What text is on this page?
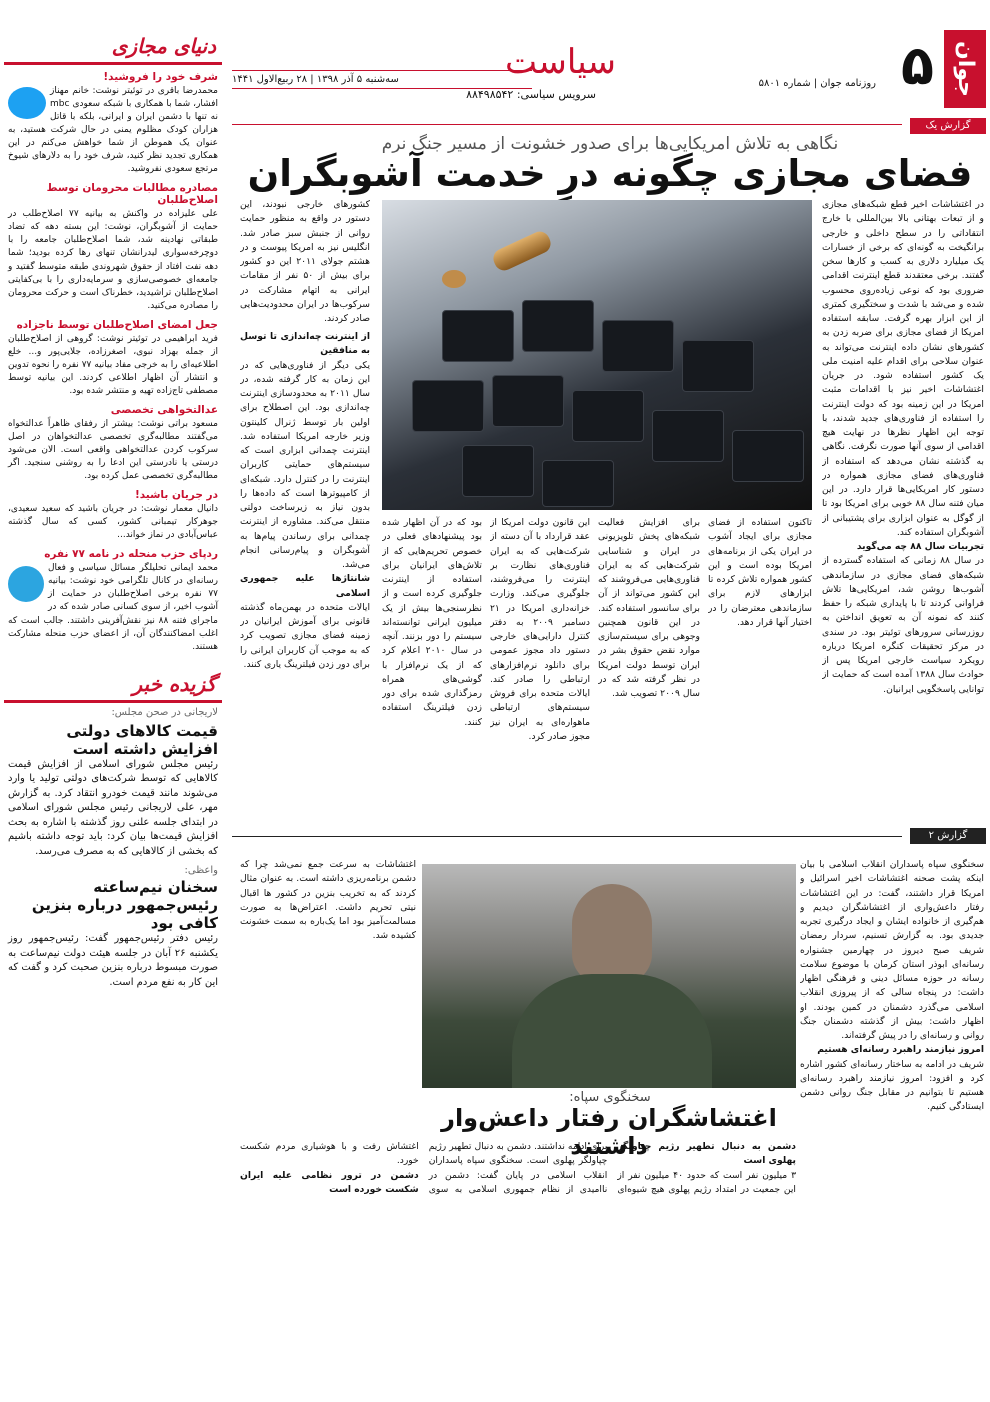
جوان
۵
روزنامه جوان | شماره ۵۸۰۱
سیاست
سرویس سیاسی: ۸۸۴۹۸۵۴۲
سه‌شنبه ۵ آذر ۱۳۹۸ | ۲۸ ربیع‌الاول ۱۴۴۱
دنیای مجازی
شرف خود را فروشید!
محمدرضا باقری در توئیتر نوشت: خانم مهناز افشار، شما با همکاری با شبکه سعودی mbc نه تنها با دشمن ایران و ایرانی، بلکه با قاتل هزاران کودک مظلوم یمنی در حال شرکت هستید، به عنوان یک هموطن از شما خواهش می‌کنم در این همکاری تجدید نظر کنید، شرف خود را به دلارهای شیوخ مرتجع سعودی نفروشید.
مصادره مطالبات محرومان توسط اصلاح‌طلبان
علی علیزاده در واکنش به بیانیه ۷۷ اصلاح‌طلب در حمایت از آشوبگران، نوشت: این بسته دهه که تضاد طبقاتی نهادینه شد، شما اصلاح‌طلبان جامعه را با دوچرخه‌سواری لیدرانشان تنهای رها کرده بودید؛ شما دهه نفت افتاد از حقوق شهروندی طبقه متوسط گفتید و جامعه‌ای خصوصی‌سازی و سرمایه‌داری را با بی‌کفایتی اصلاح‌طلبان تراشیدید، خطرناک است و حرکت محرومان را مصادره می‌کنید.
جعل امضای اصلاح‌طلبان توسط ناجزاده
فرید ابراهیمی در توئیتر نوشت: گروهی از اصلاح‌طلبان از جمله بهزاد نبوی، اصغرزاده، جلایی‌پور و... خلع اطلاعیه‌ای را به خرجی مفاد بیانیه ۷۷ نفره را نحوه تدوین و انتشار آن اظهار اطلاعی کردند. این بیانیه توسط مصطفی تاج‌زاده تهیه و منتشر شده بود.
عدالتخواهی تخصصی
مسعود براتی نوشت: بیشتر از رفقای ظاهراً عدالتخواه می‌گفتند مطالبه‌گری تخصصی عدالتخواهان در اصل سرکوب کردن عدالتخواهی واقعی است. الان می‌شود درستی یا نادرستی این ادعا را به روشنی سنجید. اگر مطالبه‌گری تخصصی عمل کرده بود.
در جریان باشید!
دانیال معمار نوشت: در جریان باشید که سعید سعیدی، جوهرکار تیمبانی کشور، کسی که سال گذشته عباس‌آبادی در نماز خواند...
ردپای حزب منحله در نامه ۷۷ نفره
محمد ایمانی تحلیلگر مسائل سیاسی و فعال رسانه‌ای در کانال تلگرامی خود نوشت: بیانیه ۷۷ نفره برخی اصلاح‌طلبان در حمایت از آشوب اخیر، از سوی کسانی صادر شده که در ماجرای فتنه ۸۸ نیز نقش‌آفرینی داشتند. جالب است که اغلب امضاکنندگان آن، از اعضای حزب منحله مشارکت هستند.
گزیده خبر
لاریجانی در صحن مجلس:
قیمت کالاهای دولتی افزایش داشته است
رئیس مجلس شورای اسلامی از افزایش قیمت کالاهایی که توسط شرکت‌های دولتی تولید یا وارد می‌شوند مانند قیمت خودرو انتقاد کرد. به گزارش مهر، علی لاریجانی رئیس مجلس شورای اسلامی در ابتدای جلسه علنی روز گذشته با اشاره به بحث افزایش قیمت‌ها بیان کرد: باید توجه داشته باشیم که بخشی از کالاهایی که به مصرف می‌رسد.
واعظی:
سخنان نیم‌ساعته رئیس‌جمهور درباره بنزین کافی بود
رئیس دفتر رئیس‌جمهور گفت: رئیس‌جمهور روز یکشنبه ۲۶ آبان در جلسه هیئت دولت نیم‌ساعت به صورت مبسوط درباره بنزین صحبت کرد و گفت که این کار به نفع مردم است.
گزارش یک
نگاهی به تلاش امریکایی‌ها برای صدور خشونت از مسیر جنگ نرم
فضای مجازی چگونه در خدمت آشوبگران
در اغتشاشات اخیر قطع شبکه‌های مجازی و از تبعات بهتانی بالا بین‌المللی با خارج انتقاداتی را در سطح داخلی و خارجی برانگیخت به گونه‌ای که برخی از خسارات یک میلیارد دلاری به کسب و کارها سخن گفتند. برخی معتقدند قطع اینترنت اقدامی ضروری بود که نوعی زیاده‌روی محسوب شده و می‌شد با شدت و سختگیری کمتری از این ابزار بهره گرفت. سابقه استفاده امریکا از فضای مجازی برای ضربه زدن به کشورهای نشان داده اینترنت می‌تواند به عنوان سلاحی برای اقدام علیه امنیت ملی یک کشور استفاده شود. در جریان اغتشاشات اخیر نیز با اقدامات مثبت امریکا در این زمینه بود که دولت اینترنت را استفاده از فناوری‌های جدید شدند، با توجه این اظهار نظرها در نهایت هیچ اقدامی از سوی آنها صورت نگرفت. نگاهی به گذشته نشان می‌دهد که استفاده از فناوری‌های فضای مجازی همواره در دستور کار امریکایی‌ها قرار دارد. در این میان فتنه سال ۸۸ خوبی برای امریکا بود تا از گوگل به عنوان ابزاری برای پشتیبانی از آشوبگران استفاده کند.
تجربیات سال ۸۸ چه می‌گوید
در سال ۸۸ زمانی که استفاده گسترده از شبکه‌های فضای مجازی در سازماندهی آشوب‌ها روشن شد، امریکایی‌ها تلاش فراوانی کردند تا با پایداری شبکه را حفظ کنند که نمونه آن به تعویق انداختن به روزرسانی سرورهای توئیتر بود. در سندی در مرکز تحقیقات کنگره امریکا درباره رویکرد سیاست خارجی امریکا پس از حوادث سال ۱۳۸۸ آمده است که حمایت از توانایی پاسخگویی ایرانیان.
کشورهای خارجی نبودند، این دستور در واقع به منظور حمایت روانی از جنبش سبز صادر شد. انگلیس نیز به امریکا پیوست و در هشتم جولای ۲۰۱۱ این دو کشور برای بیش از ۵۰ نفر از مقامات ایرانی به اتهام مشارکت در سرکوب‌ها در ایران محدودیت‌هایی صادر کردند.
از اینترنت چه‌اندازی تا توسل به منافقین
یکی دیگر از فناوری‌هایی که در این زمان به کار گرفته شده، در سال ۲۰۱۱ به محدودسازی اینترنت چه‌اندازی بود. این اصطلاح برای اولین بار توسط ژنرال کلینتون وزیر خارجه امریکا استفاده شد. اینترنت چمدانی ابزاری است که سیستم‌های حمایتی کاربران اینترنت را در کنترل دارد. شبکه‌ای از کامپیوترها است که داده‌ها را بدون نیاز به زیرساخت دولتی منتقل می‌کند. مشاوره از اینترنت چمدانی برای رساندن پیام‌ها به آشوبگران و پیام‌رسانی انجام می‌شد.
شانتاژها علیه جمهوری اسلامی
ایالات متحده در بهمن‌ماه گذشته قانونی برای آموزش ایرانیان در زمینه فضای مجازی تصویب کرد که به موجب آن کاربران ایرانی را برای دور زدن فیلترینگ یاری کنند.
بود که در آن اظهار شده بود پیشنهادهای فعلی در خصوص تحریم‌هایی که از تلاش‌های ایرانیان برای استفاده از اینترنت جلوگیری کرده است و از نظرسنجی‌ها بیش از یک میلیون ایرانی توانسته‌اند سیستم را دور بزنند. آنچه در سال ۲۰۱۰ اعلام کرد که از یک نرم‌افزار با گوشی‌های همراه رمزگذاری شده برای دور زدن فیلترینگ استفاده کنند.
این قانون دولت امریکا از عقد قرارداد با آن دسته از شرکت‌هایی که به ایران فناوری‌های نظارت بر اینترنت را می‌فروشند، جلوگیری می‌کند. وزارت خزانه‌داری امریکا در ۲۱ دسامبر ۲۰۰۹ به دفتر کنترل دارایی‌های خارجی دستور داد مجوز عمومی برای دانلود نرم‌افزارهای ارتباطی را صادر کند. ایالات متحده برای فروش سیستم‌های ارتباطی ماهواره‌ای به ایران نیز مجوز صادر کرد.
برای افزایش فعالیت شبکه‌های پخش تلویزیونی در ایران و شناسایی شرکت‌هایی که به ایران فناوری‌هایی می‌فروشند که این کشور می‌تواند از آن برای سانسور استفاده کند. در این قانون همچنین وجوهی برای سیستم‌سازی موارد نقض حقوق بشر در ایران توسط دولت امریکا در نظر گرفته شد که در سال ۲۰۰۹ تصویب شد.
تاکنون استفاده از فضای مجازی برای ایجاد آشوب در ایران یکی از برنامه‌های امریکا بوده است و این کشور همواره تلاش کرده تا ابزارهای لازم برای سازماندهی معترضان را در اختیار آنها قرار دهد.
گزارش ۲
سخنگوی سپاه پاسداران انقلاب اسلامی با بیان اینکه پشت صحنه اغتشاشات اخیر اسرائیل و امریکا قرار داشتند، گفت: در این اغتشاشات رفتار داعش‌واری از اغتشاشگران دیدیم و هم‌گیری از خانواده ایشان و ایجاد درگیری تجربه جدیدی بود. به گزارش تسنیم، سردار رمضان شریف صبح دیروز در چهارمین جشنواره رسانه‌ای ابوذر استان کرمان با موضوع سلامت رسانه در حوزه مسائل دینی و فرهنگی اظهار داشت: در پنجاه سالی که از پیروزی انقلاب اسلامی می‌گذرد دشمنان در کمین بودند. او اظهار داشت: بیش از گذشته دشمنان جنگ روانی و رسانه‌ای را در پیش گرفته‌اند.
امروز نیازمند راهبرد رسانه‌ای هستیم
شریف در ادامه به ساختار رسانه‌ای کشور اشاره کرد و افزود: امروز نیازمند راهبرد رسانه‌ای هستیم تا بتوانیم در مقابل جنگ روانی دشمن ایستادگی کنیم.
سخنگوی سپاه:
اغتشاشگران رفتار داعش‌وار داشتند
اغتشاشات به سرعت جمع نمی‌شد چرا که دشمن برنامه‌ریزی داشته است. به عنوان مثال کردند که به تخریب بنزین در کشور ها اقبال نیتی تحریم داشت. اعتراض‌ها به صورت مسالمت‌آمیز بود اما یک‌باره به سمت خشونت کشیده شد.
دشمن به دنبال تطهیر رژیم چپاولگر پهلوی است
۳ میلیون نفر است که حدود ۴۰ میلیون نفر از این جمعیت در امتداد رژیم پهلوی هیچ شیوه‌ای برای ادامه نداشتند. دشمن به دنبال تطهیر رژیم چپاولگر پهلوی است. سخنگوی سپاه پاسداران انقلاب اسلامی در پایان گفت: دشمن در ناامیدی از نظام جمهوری اسلامی به سوی اغتشاش رفت و با هوشیاری مردم شکست خورد.
دشمن در ترور نظامی علیه ایران شکست خورده است
